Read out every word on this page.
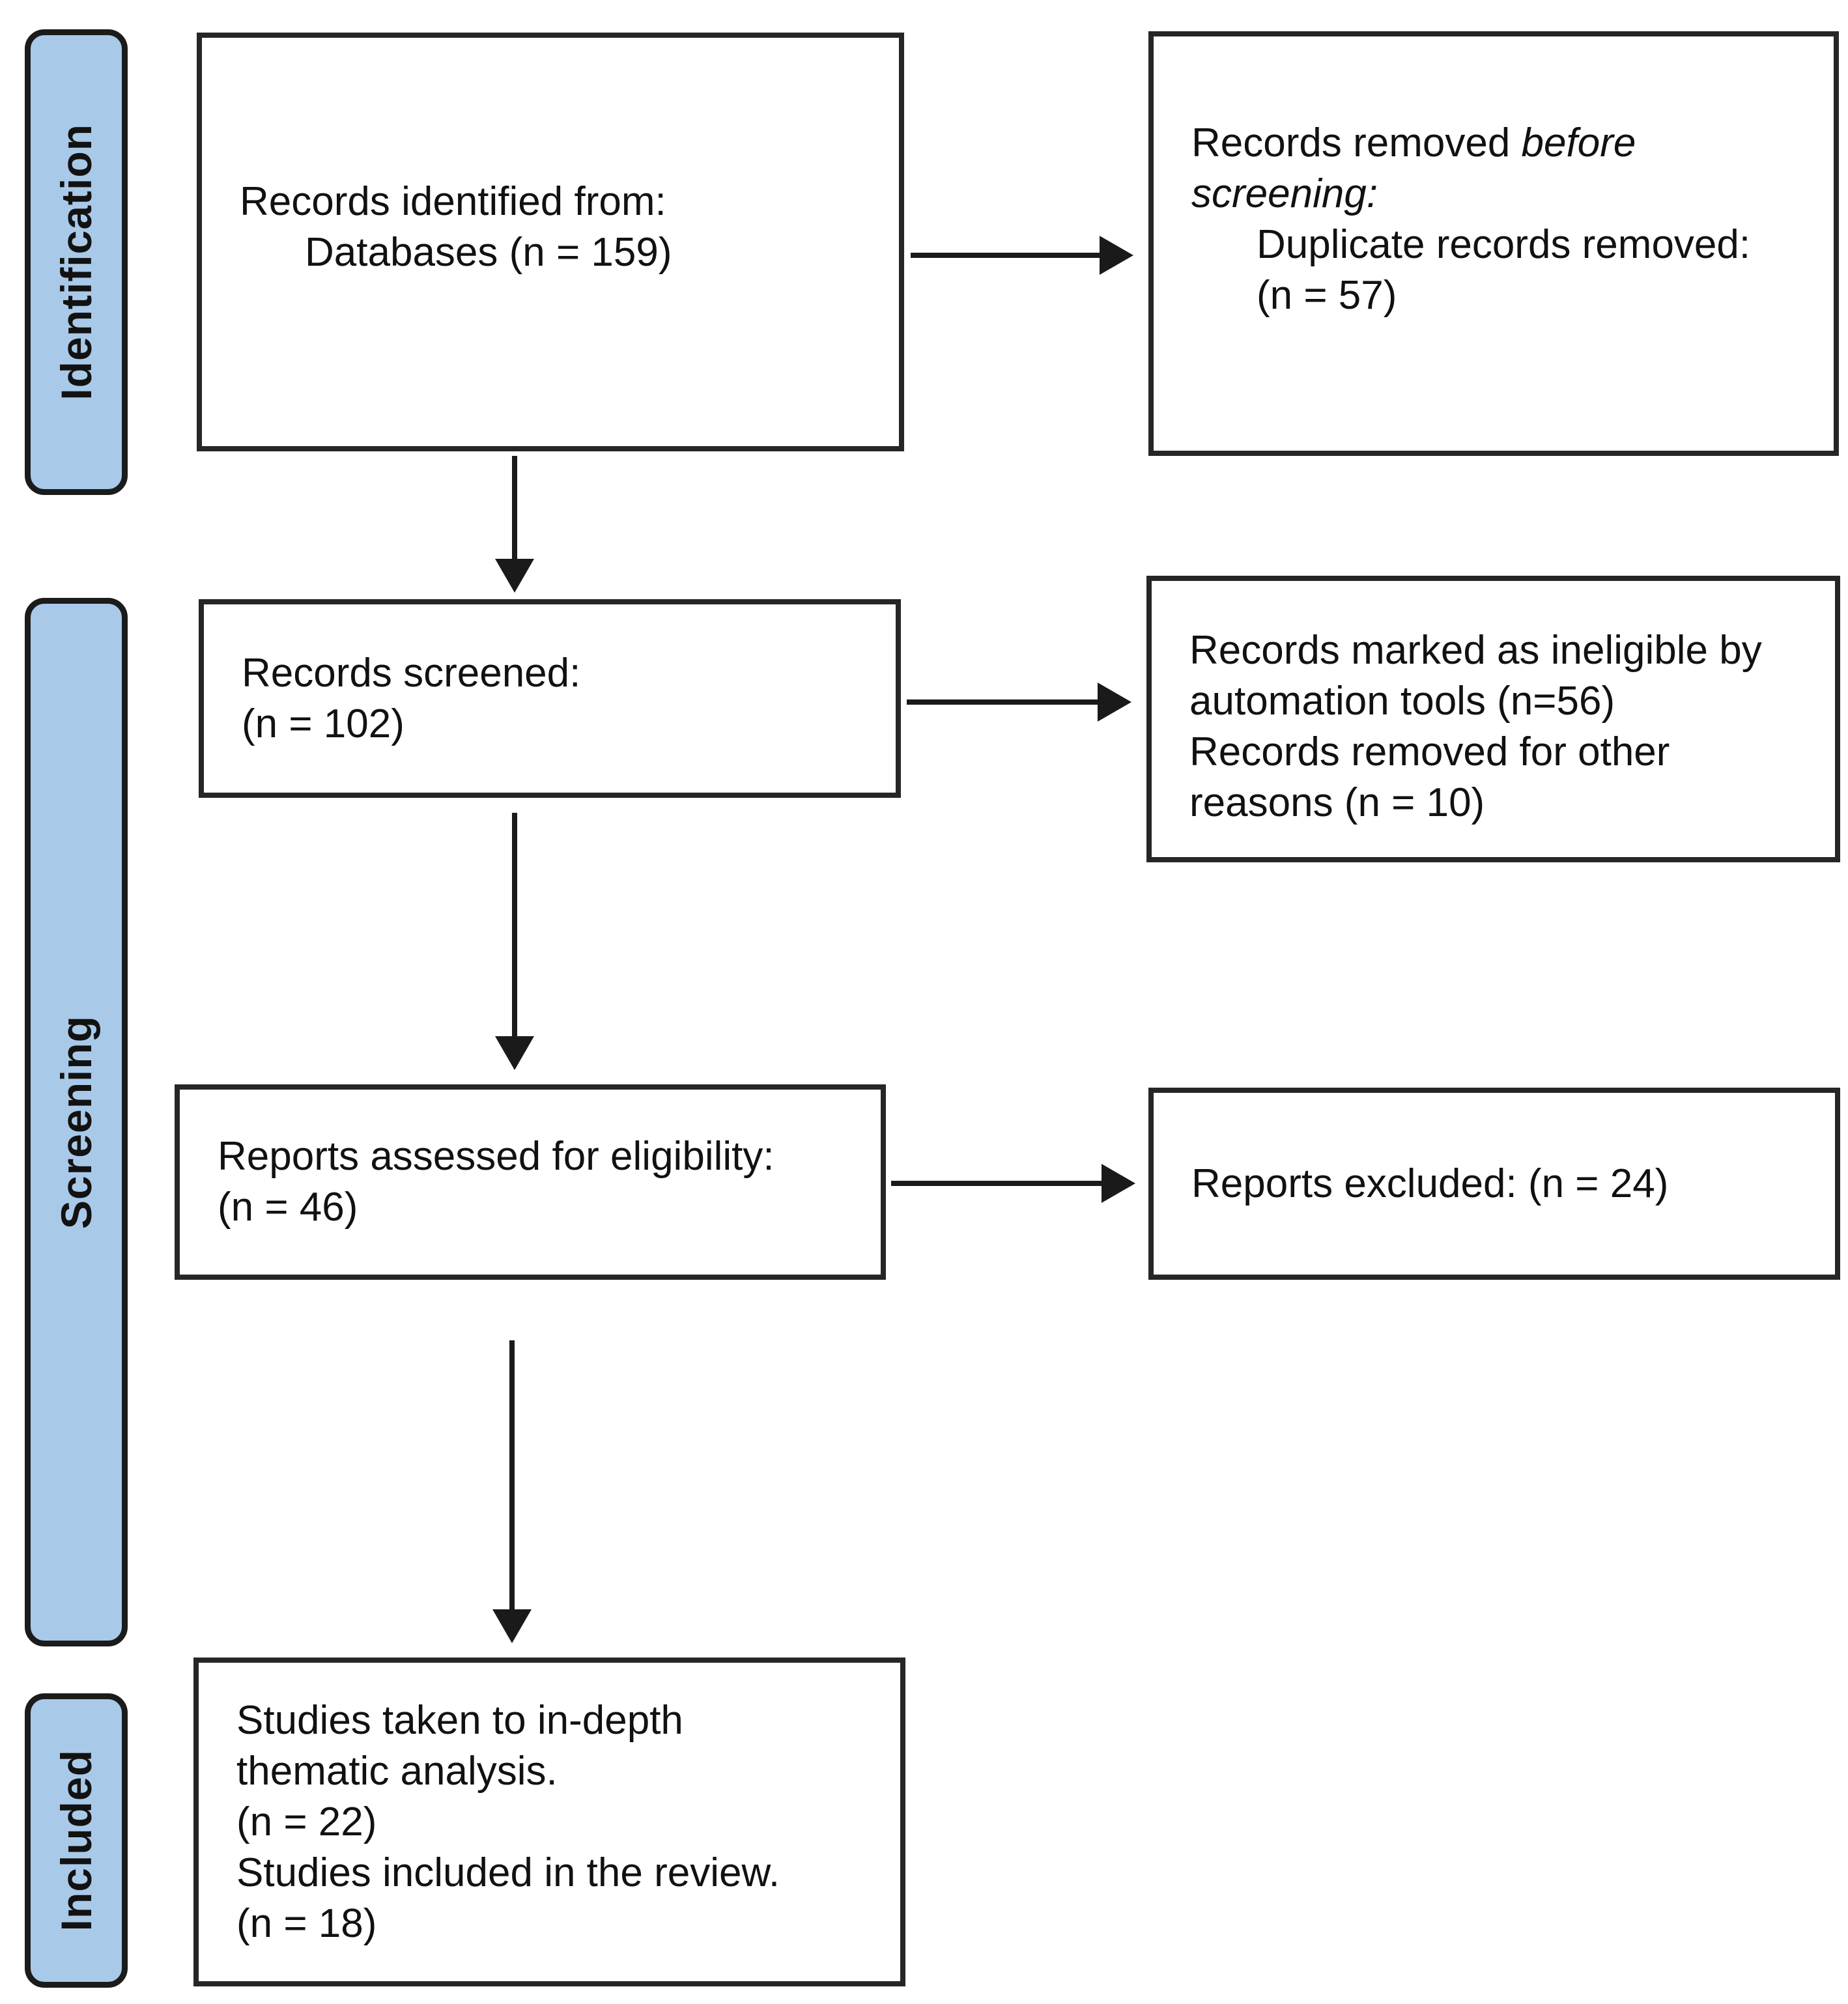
Identification
Screening
Included
Records identified from:
Databases (n = 159)
Records removed before
screening:
Duplicate records removed:
(n = 57)
Records screened:
(n = 102)
Records marked as ineligible by
automation tools (n=56)
Records removed for other
reasons (n = 10)
Reports assessed for eligibility:
(n = 46)
Reports excluded: (n = 24)
Studies taken to in-depth
thematic analysis.
(n = 22)
Studies included in the review.
(n = 18)
